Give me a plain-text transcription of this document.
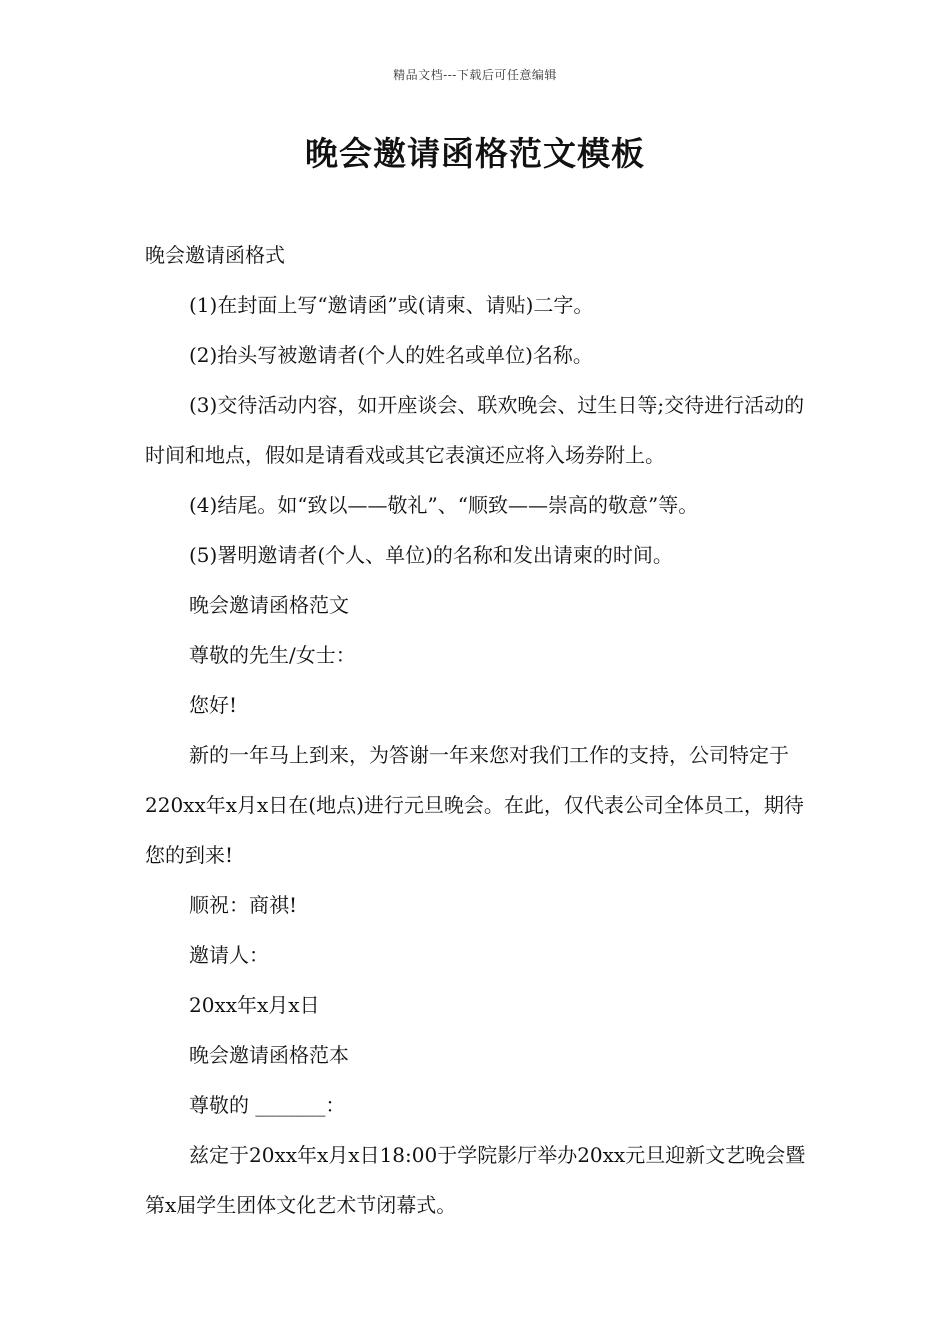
精品文档---下载后可任意编辑
晚会邀请函格范文模板

晚会邀请函格式

(1)在封面上写“邀请函”或(请柬、请贴)二字。

(2)抬头写被邀请者(个人的姓名或单位)名称。

(3)交待活动内容，如开座谈会、联欢晚会、过生日等;交待进行活动的时间和地点，假如是请看戏或其它表演还应将入场券附上。

(4)结尾。如“致以——敬礼”、“顺致——崇高的敬意”等。

(5)署明邀请者(个人、单位)的名称和发出请柬的时间。

晚会邀请函格范文

尊敬的先生/女士：

您好!

新的一年马上到来，为答谢一年来您对我们工作的支持，公司特定于220xx年x月x日在(地点)进行元旦晚会。在此，仅代表公司全体员工，期待您的到来!

顺祝：商祺!

邀请人：

20xx年x月x日

晚会邀请函格范本

尊敬的 _______：

兹定于20xx年x月x日18:00于学院影厅举办20xx元旦迎新文艺晚会暨第x届学生团体文化艺术节闭幕式。
